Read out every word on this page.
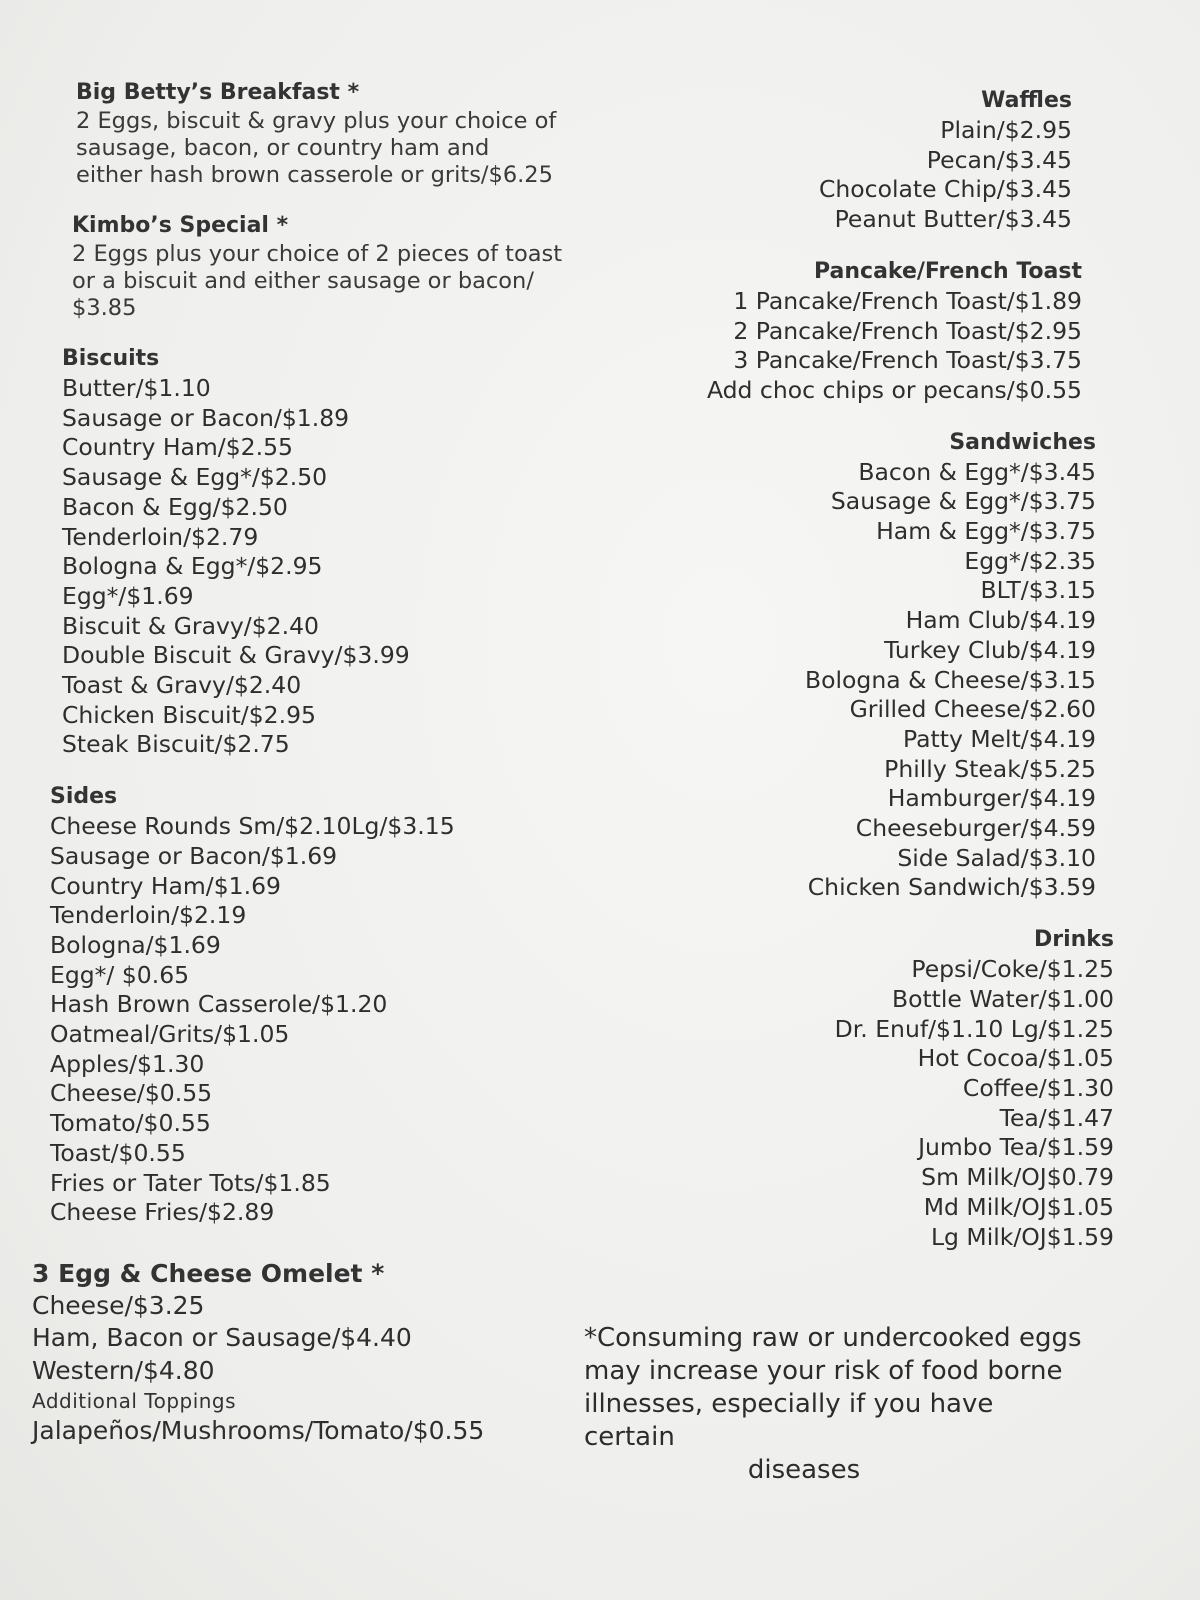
Big Betty’s Breakfast *
2 Eggs, biscuit & gravy plus your choice of
sausage, bacon, or country ham and
either hash brown casserole or grits/$6.25
Kimbo’s Special *
2 Eggs plus your choice of 2 pieces of toast
or a biscuit and either sausage or bacon/
$3.85
Biscuits
Butter/$1.10
Sausage or Bacon/$1.89
Country Ham/$2.55
Sausage & Egg*/$2.50
Bacon & Egg/$2.50
Tenderloin/$2.79
Bologna & Egg*/$2.95
Egg*/$1.69
Biscuit & Gravy/$2.40
Double Biscuit & Gravy/$3.99
Toast & Gravy/$2.40
Chicken Biscuit/$2.95
Steak Biscuit/$2.75
Sides
Cheese Rounds Sm/$2.10Lg/$3.15
Sausage or Bacon/$1.69
Country Ham/$1.69
Tenderloin/$2.19
Bologna/$1.69
Egg*/ $0.65
Hash Brown Casserole/$1.20
Oatmeal/Grits/$1.05
Apples/$1.30
Cheese/$0.55
Tomato/$0.55
Toast/$0.55
Fries or Tater Tots/$1.85
Cheese Fries/$2.89
3 Egg & Cheese Omelet *
Cheese/$3.25
Ham, Bacon or Sausage/$4.40
Western/$4.80
Additional Toppings
Jalapeños/Mushrooms/Tomato/$0.55
Waffles
Plain/$2.95
Pecan/$3.45
Chocolate Chip/$3.45
Peanut Butter/$3.45
Pancake/French Toast
1 Pancake/French Toast/$1.89
2 Pancake/French Toast/$2.95
3 Pancake/French Toast/$3.75
Add choc chips or pecans/$0.55
Sandwiches
Bacon & Egg*/$3.45
Sausage & Egg*/$3.75
Ham & Egg*/$3.75
Egg*/$2.35
BLT/$3.15
Ham Club/$4.19
Turkey Club/$4.19
Bologna & Cheese/$3.15
Grilled Cheese/$2.60
Patty Melt/$4.19
Philly Steak/$5.25
Hamburger/$4.19
Cheeseburger/$4.59
Side Salad/$3.10
Chicken Sandwich/$3.59
Drinks
Pepsi/Coke/$1.25
Bottle Water/$1.00
Dr. Enuf/$1.10 Lg/$1.25
Hot Cocoa/$1.05
Coffee/$1.30
Tea/$1.47
Jumbo Tea/$1.59
Sm Milk/OJ$0.79
Md Milk/OJ$1.05
Lg Milk/OJ$1.59
*Consuming raw or undercooked eggs
may increase your risk of food borne
illnesses, especially if you have certain
diseases
